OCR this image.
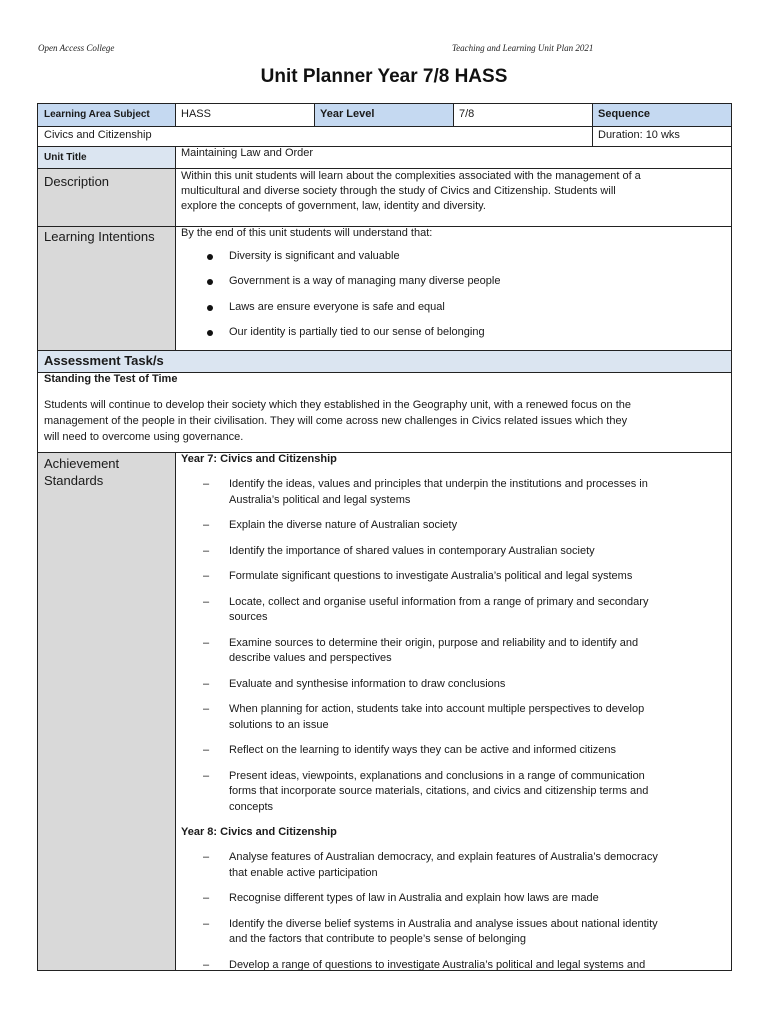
Open Access College	Teaching and Learning Unit Plan 2021
Unit Planner Year 7/8 HASS
Learning Area Subject	HASS	Year Level	7/8	Sequence
Civics and Citizenship	Duration: 10 wks
Unit Title	Maintaining Law and Order
Description	Within this unit students will learn about the complexities associated with the management of a
multicultural and diverse society through the study of Civics and Citizenship. Students will
explore the concepts of government, law, identity and diversity.
Learning Intentions	By the end of this unit students will understand that:
Diversity is significant and valuable
Government is a way of managing many diverse people
Laws are ensure everyone is safe and equal
Our identity is partially tied to our sense of belonging
Assessment Task/s
Standing the Test of Time
Students will continue to develop their society which they established in the Geography unit, with a renewed focus on the
management of the people in their civilisation. They will come across new challenges in Civics related issues which they
will need to overcome using governance.
Achievement
Standards
Year 7: Civics and Citizenship
– Identify the ideas, values and principles that underpin the institutions and processes in
Australia’s political and legal systems
– Explain the diverse nature of Australian society
– Identify the importance of shared values in contemporary Australian society
– Formulate significant questions to investigate Australia’s political and legal systems
– Locate, collect and organise useful information from a range of primary and secondary
sources
– Examine sources to determine their origin, purpose and reliability and to identify and
describe values and perspectives
– Evaluate and synthesise information to draw conclusions
– When planning for action, students take into account multiple perspectives to develop
solutions to an issue
– Reflect on the learning to identify ways they can be active and informed citizens
– Present ideas, viewpoints, explanations and conclusions in a range of communication
forms that incorporate source materials, citations, and civics and citizenship terms and
concepts
Year 8: Civics and Citizenship
– Analyse features of Australian democracy, and explain features of Australia’s democracy
that enable active participation
– Recognise different types of law in Australia and explain how laws are made
– Identify the diverse belief systems in Australia and analyse issues about national identity
and the factors that contribute to people’s sense of belonging
– Develop a range of questions to investigate Australia’s political and legal systems and
